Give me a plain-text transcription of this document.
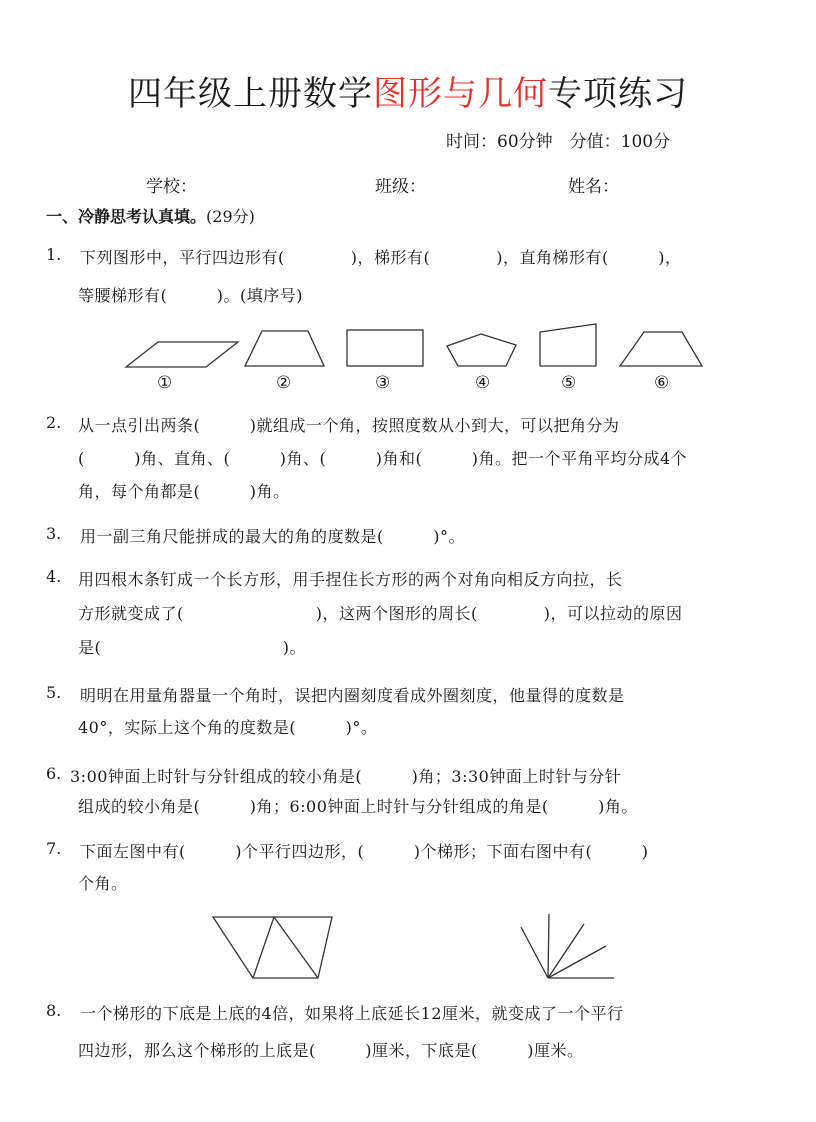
四年级上册数学图形与几何专项练习
时间：60分钟　分值：100分
学校：	班级：	姓名：
一、冷静思考认真填。(29分)
1. 下列图形中，平行四边形有(　　　　)，梯形有(　　　　)，直角梯形有(　　　)，
等腰梯形有(　　　)。(填序号)
①	②	③	④	⑤	⑥
2. 从一点引出两条(　　　)就组成一个角，按照度数从小到大，可以把角分为
(　　　)角、直角、(　　　)角、(　　　)角和(　　　)角。把一个平角平均分成4个
角，每个角都是(　　　)角。
3. 用一副三角尺能拼成的最大的角的度数是(　　　)°。
4. 用四根木条钉成一个长方形，用手捏住长方形的两个对角向相反方向拉，长
方形就变成了(　　　　　　　　)，这两个图形的周长(　　　　)，可以拉动的原因
是(　　　　　　　　　　　)。
5. 明明在用量角器量一个角时，误把内圈刻度看成外圈刻度，他量得的度数是
40°，实际上这个角的度数是(　　　)°。
6. 3:00钟面上时针与分针组成的较小角是(　　　)角；3:30钟面上时针与分针
组成的较小角是(　　　)角；6:00钟面上时针与分针组成的角是(　　　)角。
7. 下面左图中有(　　　)个平行四边形，(　　　)个梯形；下面右图中有(　　　)
个角。
8. 一个梯形的下底是上底的4倍，如果将上底延长12厘米，就变成了一个平行
四边形，那么这个梯形的上底是(　　　)厘米，下底是(　　　)厘米。
